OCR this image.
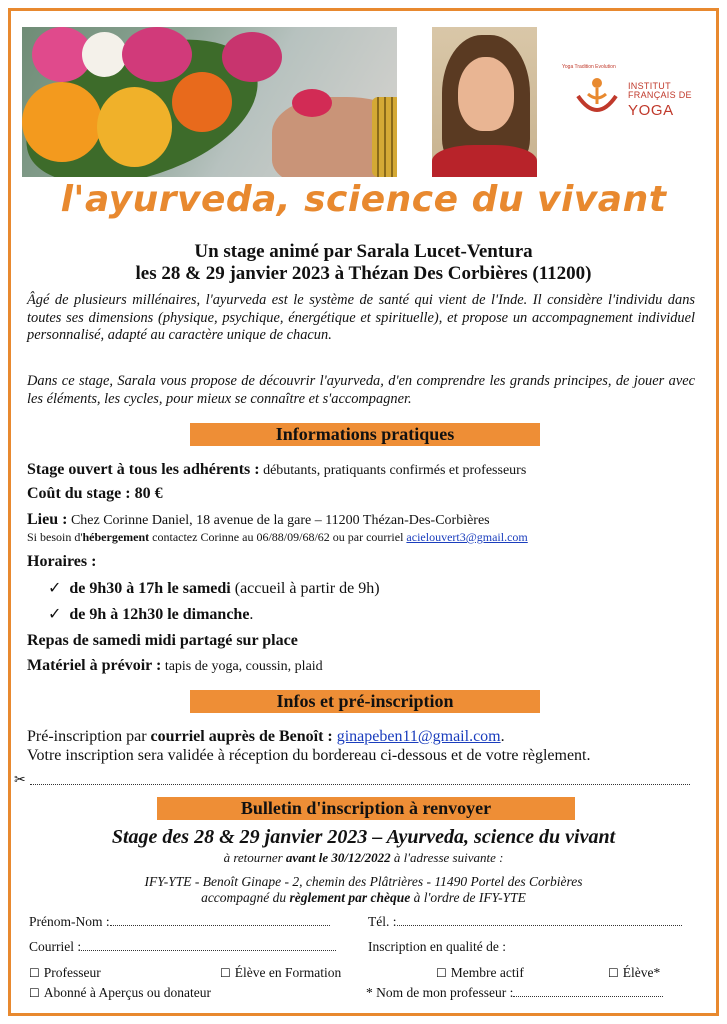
INSTITUT
FRANÇAIS DE
YOGA
Yoga Tradition Evolution
l'ayurveda, science du vivant
Un stage animé par Sarala Lucet-Ventura
les 28 & 29 janvier 2023 à Thézan Des Corbières (11200)

Âgé de plusieurs millénaires, l'ayurveda est le système de santé qui vient de l'Inde. Il considère l'individu dans toutes ses dimensions (physique, psychique, énergétique et spirituelle), et propose un accompagnement individuel personnalisé, adapté au caractère unique de chacun.

Dans ce stage, Sarala vous propose de découvrir l'ayurveda, d'en comprendre les grands principes, de jouer avec les éléments, les cycles, pour mieux se connaître et s'accompagner.

Informations pratiques
Stage ouvert à tous les adhérents : débutants, pratiquants confirmés et professeurs
Coût du stage : 80 €
Lieu : Chez Corinne Daniel, 18 avenue de la gare – 11200 Thézan-Des-Corbières
Si besoin d'hébergement contactez Corinne au 06/88/09/68/62 ou par courriel acielouvert3@gmail.com
Horaires :
✓ de 9h30 à 17h le samedi (accueil à partir de 9h)
✓ de 9h à 12h30 le dimanche.
Repas de samedi midi partagé sur place
Matériel à prévoir : tapis de yoga, coussin, plaid
Infos et pré-inscription
Pré-inscription par courriel auprès de Benoît : ginapeben11@gmail.com.
Votre inscription sera validée à réception du bordereau ci-dessous et de votre règlement.
✂
Bulletin d'inscription à renvoyer
Stage des 28 & 29 janvier 2023 – Ayurveda, science du vivant
à retourner avant le 30/12/2022 à l'adresse suivante :
IFY-YTE - Benoît Ginape - 2, chemin des Plâtrières - 11490 Portel des Corbières
accompagné du règlement par chèque à l'ordre de IFY-YTE
Prénom-Nom :	Tél. :
Courriel :	Inscription en qualité de :
☐ Professeur	☐ Élève en Formation	☐ Membre actif	☐ Élève*
☐ Abonné à Aperçus ou donateur	* Nom de mon professeur :
